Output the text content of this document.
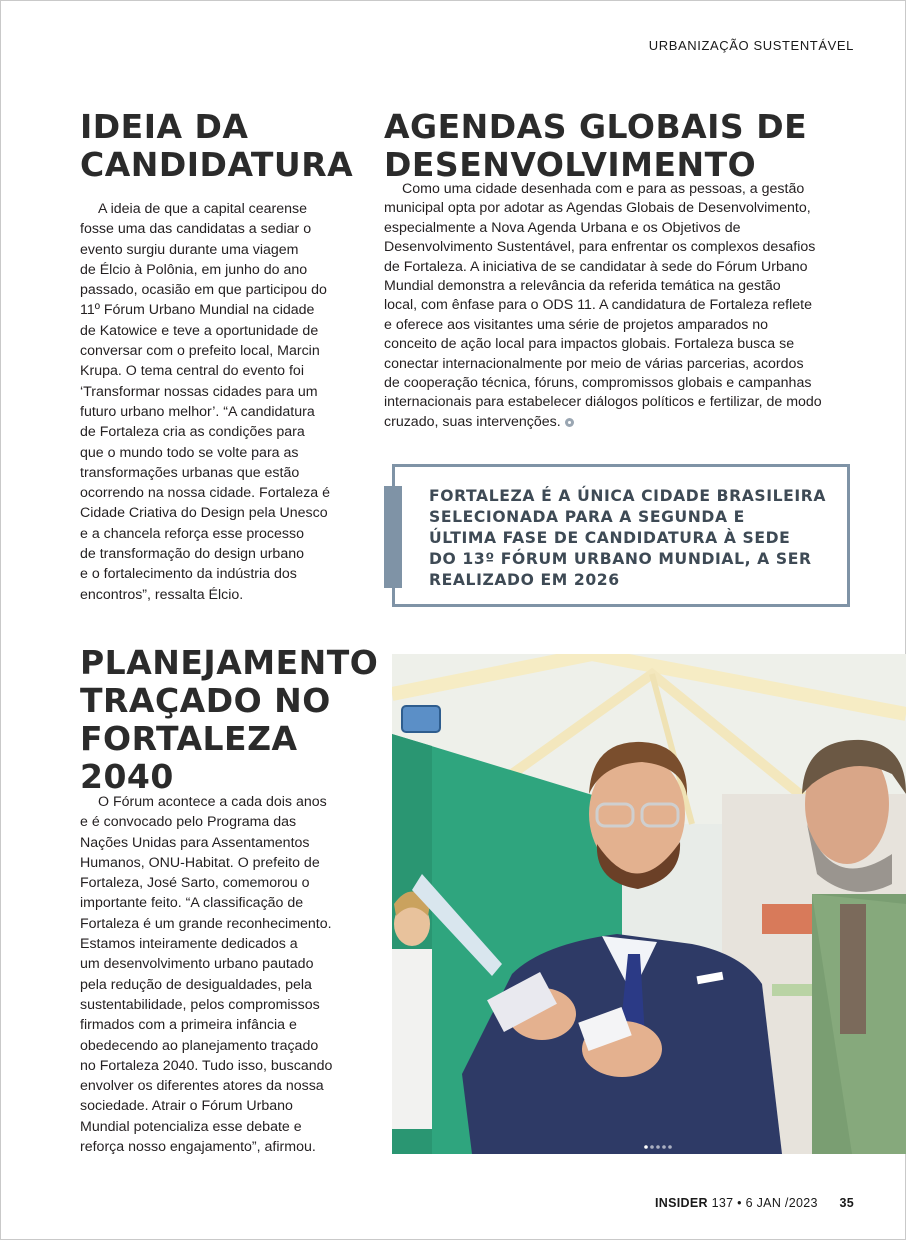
URBANIZAÇÃO SUSTENTÁVEL
IDEIA DA
CANDIDATURA

A ideia de que a capital cearense
fosse uma das candidatas a sediar o
evento surgiu durante uma viagem
de Élcio à Polônia, em junho do ano
passado, ocasião em que participou do
11º Fórum Urbano Mundial na cidade
de Katowice e teve a oportunidade de
conversar com o prefeito local, Marcin
Krupa. O tema central do evento foi
‘Transformar nossas cidades para um
futuro urbano melhor’. “A candidatura
de Fortaleza cria as condições para
que o mundo todo se volte para as
transformações urbanas que estão
ocorrendo na nossa cidade. Fortaleza é
Cidade Criativa do Design pela Unesco
e a chancela reforça esse processo
de transformação do design urbano
e o fortalecimento da indústria dos
encontros”, ressalta Élcio.

AGENDAS GLOBAIS DE
DESENVOLVIMENTO

Como uma cidade desenhada com e para as pessoas, a gestão
municipal opta por adotar as Agendas Globais de Desenvolvimento,
especialmente a Nova Agenda Urbana e os Objetivos de
Desenvolvimento Sustentável, para enfrentar os complexos desafios
de Fortaleza. A iniciativa de se candidatar à sede do Fórum Urbano
Mundial demonstra a relevância da referida temática na gestão
local, com ênfase para o ODS 11. A candidatura de Fortaleza reflete
e oferece aos visitantes uma série de projetos amparados no
conceito de ação local para impactos globais. Fortaleza busca se
conectar internacionalmente por meio de várias parcerias, acordos
de cooperação técnica, fóruns, compromissos globais e campanhas
internacionais para estabelecer diálogos políticos e fertilizar, de modo
cruzado, suas intervenções.

FORTALEZA É A ÚNICA CIDADE BRASILEIRA
SELECIONADA PARA A SEGUNDA E
ÚLTIMA FASE DE CANDIDATURA À SEDE
DO 13º FÓRUM URBANO MUNDIAL, A SER
REALIZADO EM 2026

PLANEJAMENTO
TRAÇADO NO
FORTALEZA
2040

O Fórum acontece a cada dois anos
e é convocado pelo Programa das
Nações Unidas para Assentamentos
Humanos, ONU-Habitat. O prefeito de
Fortaleza, José Sarto, comemorou o
importante feito. “A classificação de
Fortaleza é um grande reconhecimento.
Estamos inteiramente dedicados a
um desenvolvimento urbano pautado
pela redução de desigualdades, pela
sustentabilidade, pelos compromissos
firmados com a primeira infância e
obedecendo ao planejamento traçado
no Fortaleza 2040. Tudo isso, buscando
envolver os diferentes atores da nossa
sociedade. Atrair o Fórum Urbano
Mundial potencializa esse debate e
reforça nosso engajamento”, afirmou.

INSIDER 137 • 6 JAN /2023 35
